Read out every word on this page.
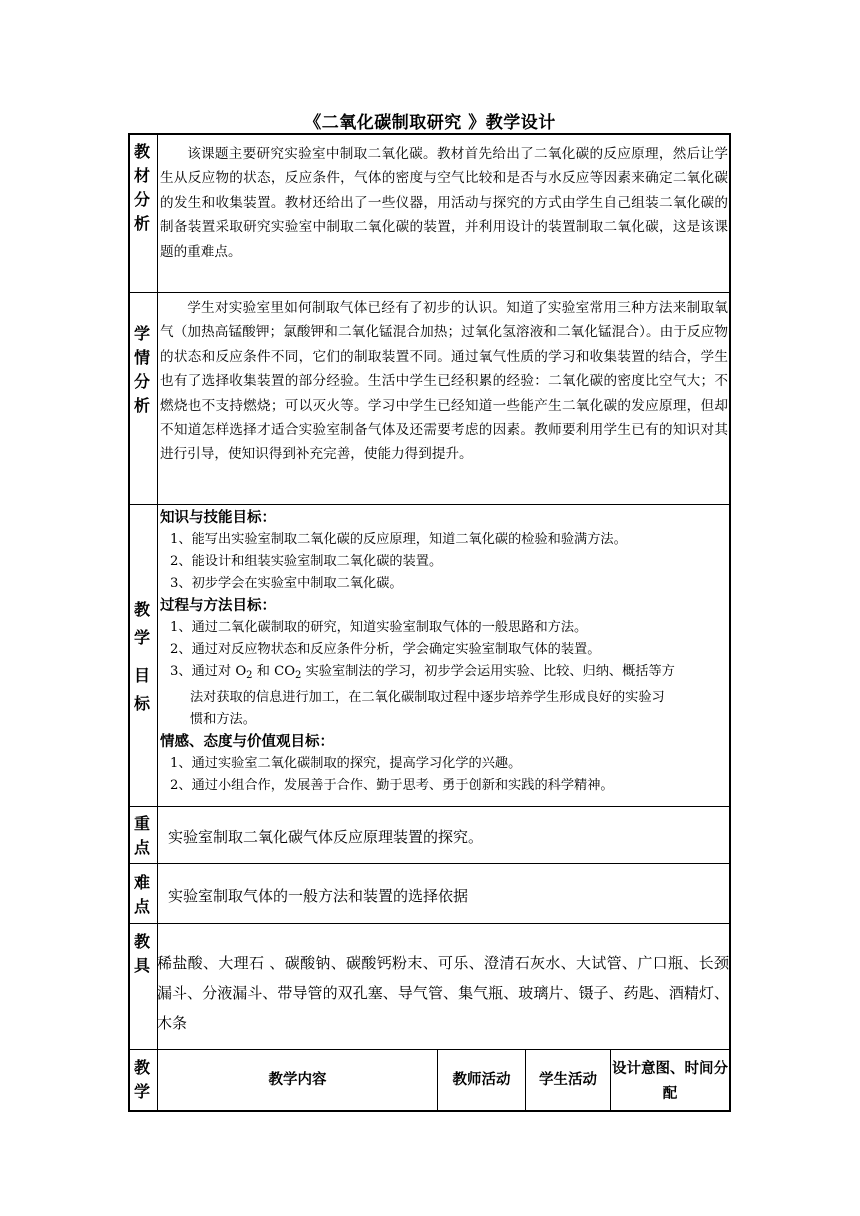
《二氧化碳制取研究 》教学设计
教
材
分
析

该课题主要研究实验室中制取二氧化碳。教材首先给出了二氧化碳的反应原理，然后让学生从反应物的状态，反应条件，气体的密度与空气比较和是否与水反应等因素来确定二氧化碳的发生和收集装置。教材还给出了一些仪器，用活动与探究的方式由学生自己组装二氧化碳的制备装置采取研究实验室中制取二氧化碳的装置，并利用设计的装置制取二氧化碳，这是该课题的重难点。

学
情
分
析

学生对实验室里如何制取气体已经有了初步的认识。知道了实验室常用三种方法来制取氧气（加热高锰酸钾；氯酸钾和二氧化锰混合加热；过氧化氢溶液和二氧化锰混合）。由于反应物的状态和反应条件不同，它们的制取装置不同。通过氧气性质的学习和收集装置的结合，学生也有了选择收集装置的部分经验。生活中学生已经积累的经验：二氧化碳的密度比空气大；不燃烧也不支持燃烧；可以灭火等。学习中学生已经知道一些能产生二氧化碳的发应原理，但却不知道怎样选择才适合实验室制备气体及还需要考虑的因素。教师要利用学生已有的知识对其进行引导，使知识得到补充完善，使能力得到提升。

教
学
目
标

知识与技能目标：

1、能写出实验室制取二氧化碳的反应原理，知道二氧化碳的检验和验满方法。

2、能设计和组装实验室制取二氧化碳的装置。

3、初步学会在实验室中制取二氧化碳。

过程与方法目标：

1、通过二氧化碳制取的研究，知道实验室制取气体的一般思路和方法。

2、通过对反应物状态和反应条件分析，学会确定实验室制取气体的装置。

3、通过对 $O_2$ 和 $CO_2$ 实验室制法的学习，初步学会运用实验、比较、归纳、概括等方

法对获取的信息进行加工，在二氧化碳制取过程中逐步培养学生形成良好的实验习

惯和方法。

情感、态度与价值观目标：

1、通过实验室二氧化碳制取的探究，提高学习化学的兴趣。

2、通过小组合作，发展善于合作、勤于思考、勇于创新和实践的科学精神。

重
点
实验室制取二氧化碳气体反应原理装置的探究。
难
点
实验室制取气体的一般方法和装置的选择依据
教
具 稀盐酸、大理石 、碳酸钠、碳酸钙粉末、可乐、澄清石灰水、大试管、广口瓶、长颈漏斗、分液漏斗、带导管的双孔塞、导气管、集气瓶、玻璃片、镊子、药匙、酒精灯、木条
教
学
教学内容	教师活动	学生活动
设计意图、时间分配
